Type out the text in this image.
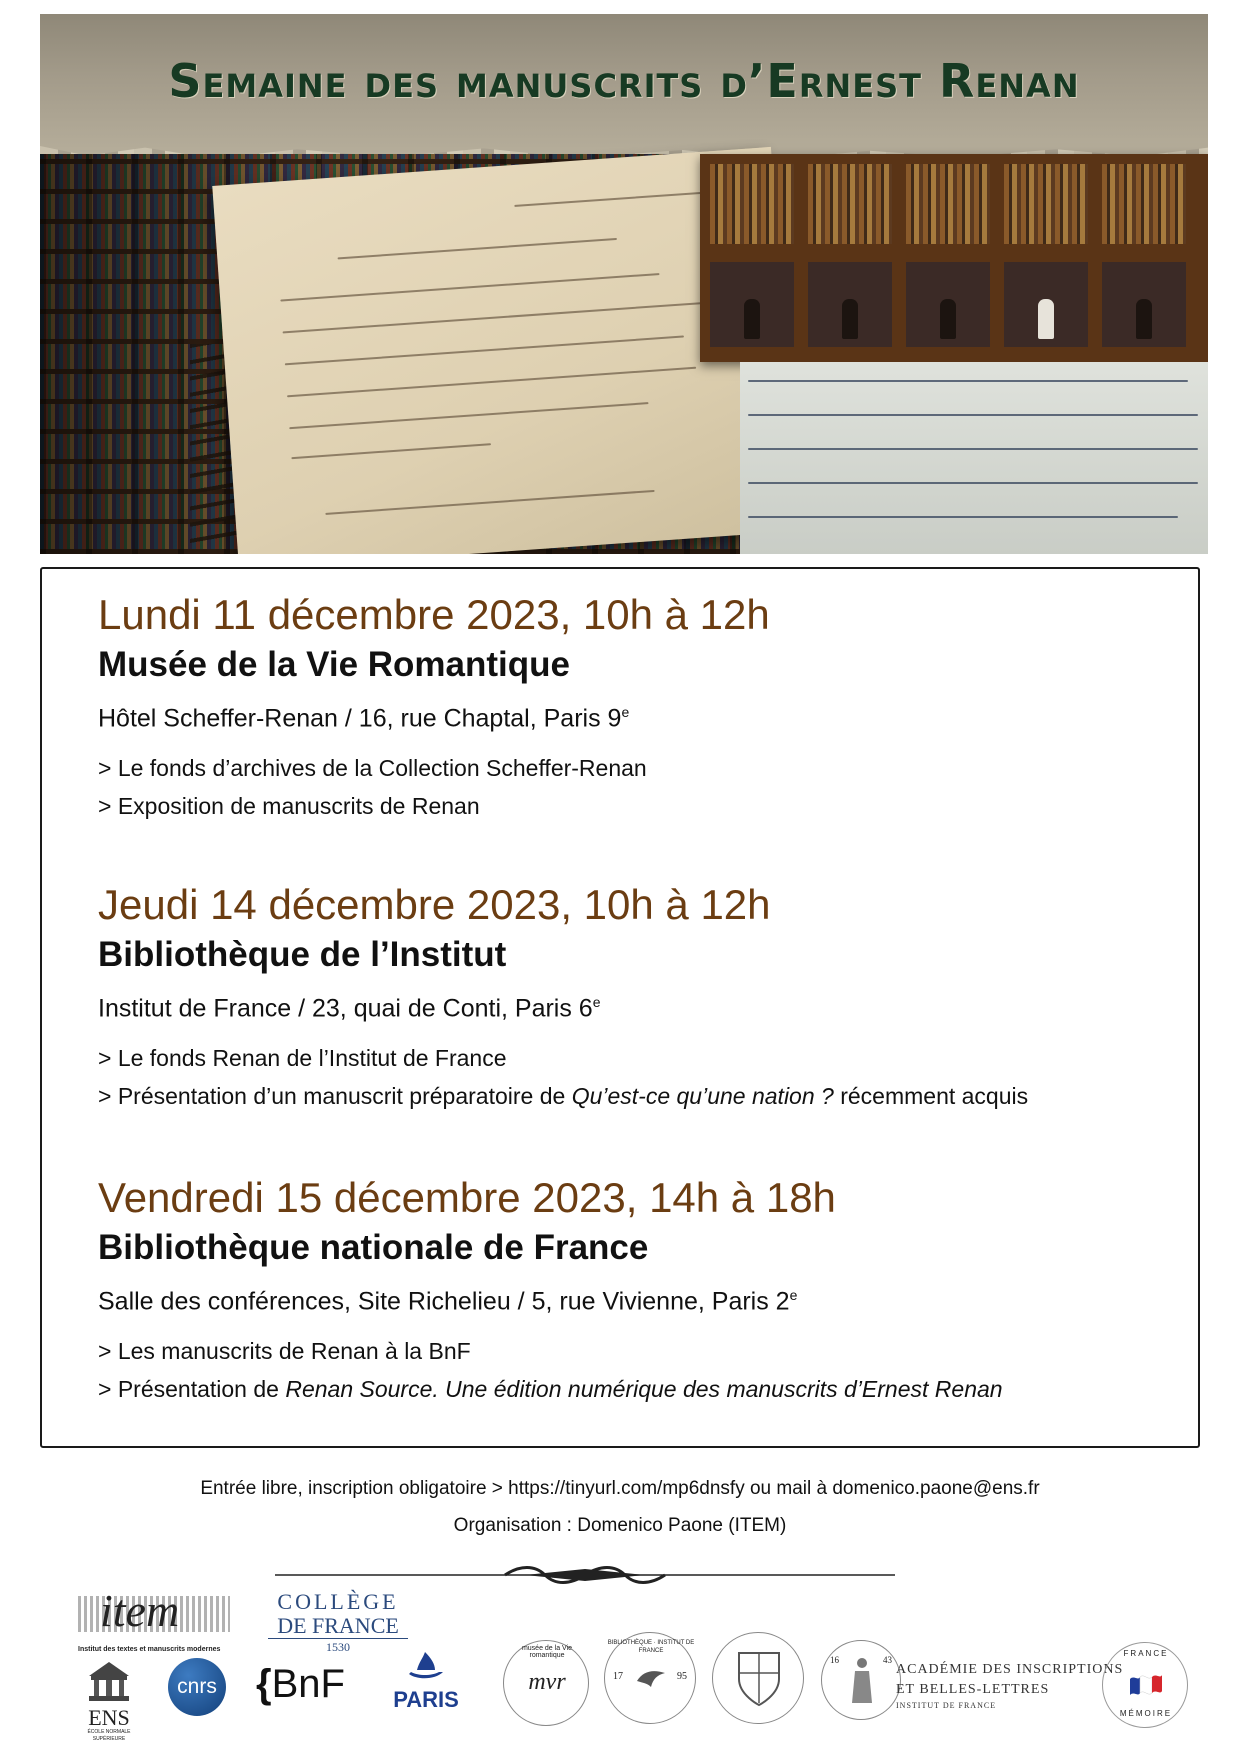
Semaine des manuscrits d’Ernest Renan
Lundi 11 décembre 2023, 10h à 12h
Musée de la Vie Romantique
Hôtel Scheffer-Renan / 16, rue Chaptal, Paris $9^e$
> Le fonds d’archives de la Collection Scheffer-Renan
> Exposition de manuscrits de Renan
Jeudi 14 décembre 2023, 10h à 12h
Bibliothèque de l’Institut
Institut de France / 23, quai de Conti, Paris $6^e$
> Le fonds Renan de l’Institut de France
> Présentation d’un manuscrit préparatoire de Qu’est-ce qu’une nation ? récemment acquis
Vendredi 15 décembre 2023, 14h à 18h
Bibliothèque nationale de France
Salle des conférences, Site Richelieu / 5, rue Vivienne, Paris $2^e$
> Les manuscrits de Renan à la BnF
> Présentation de Renan Source. Une édition numérique des manuscrits d’Ernest Renan
Entrée libre, inscription obligatoire > https://tinyurl.com/mp6dnsfy ou mail à domenico.paone@ens.fr
Organisation : Domenico Paone (ITEM)
item
Institut des textes et manuscrits modernes
COLLÈGE
DE FRANCE
1530
ENS
ÉCOLE NORMALE SUPÉRIEURE
cnrs {BnF	PARIS
musée de la Vie romantique
mvr
BIBLIOTHÈQUE · INSTITUT DE FRANCE
17	95
16	43
ACADÉMIE DES INSCRIPTIONS
ET BELLES-LETTRES
INSTITUT DE FRANCE
FRANCE
MÉMOIRE
